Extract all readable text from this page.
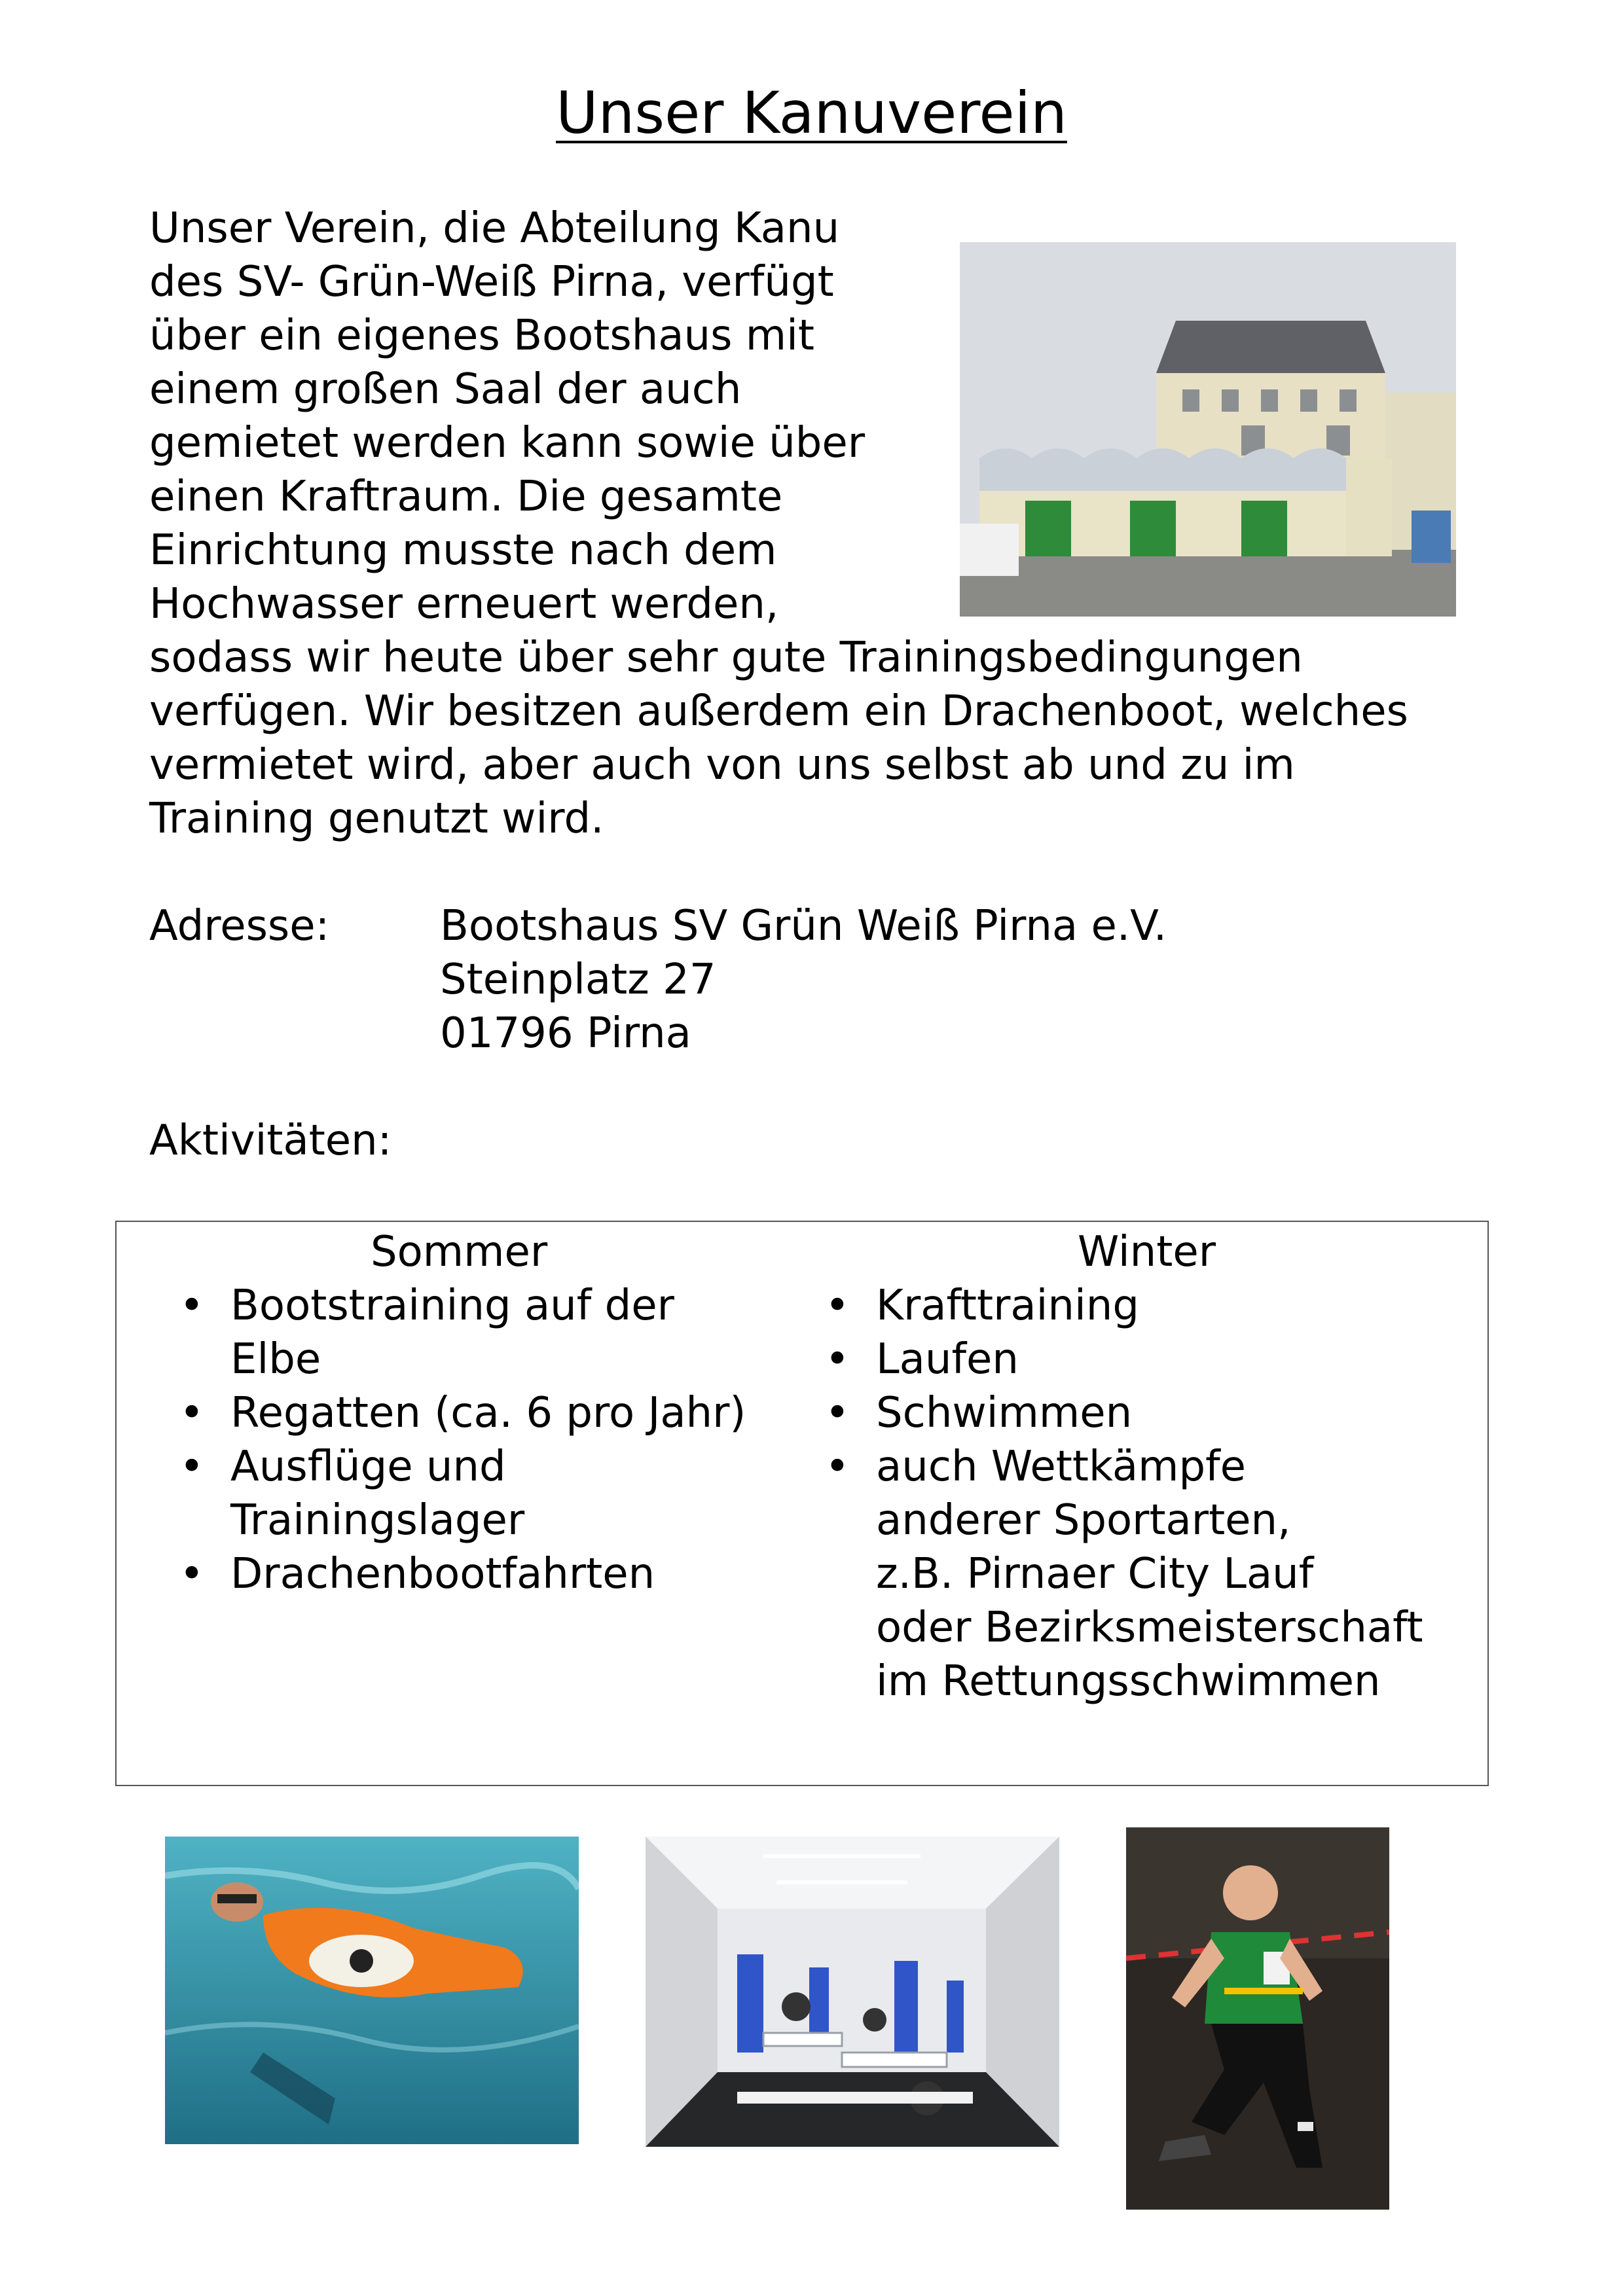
Unser Kanuverein
Unser Verein, die Abteilung Kanu
des SV- Grün-Weiß Pirna, verfügt
über ein eigenes Bootshaus mit
einem großen Saal der auch
gemietet werden kann sowie über
einen Kraftraum. Die gesamte
Einrichtung musste nach dem
Hochwasser erneuert werden,
sodass wir heute über sehr gute Trainingsbedingungen
verfügen. Wir besitzen außerdem ein Drachenboot, welches
vermietet wird, aber auch von uns selbst ab und zu im
Training genutzt wird.
Adresse:	Bootshaus SV Grün Weiß Pirna e.V.
Steinplatz 27
01796 Pirna
Aktivitäten:
Sommer	Winter
• Bootstraining auf der
Elbe
• Regatten (ca. 6 pro Jahr)
• Ausflüge und
Trainingslager
• Drachenbootfahrten
• Krafttraining
• Laufen
• Schwimmen
• auch Wettkämpfe
anderer Sportarten,
z.B. Pirnaer City Lauf
oder Bezirksmeisterschaft
im Rettungsschwimmen
